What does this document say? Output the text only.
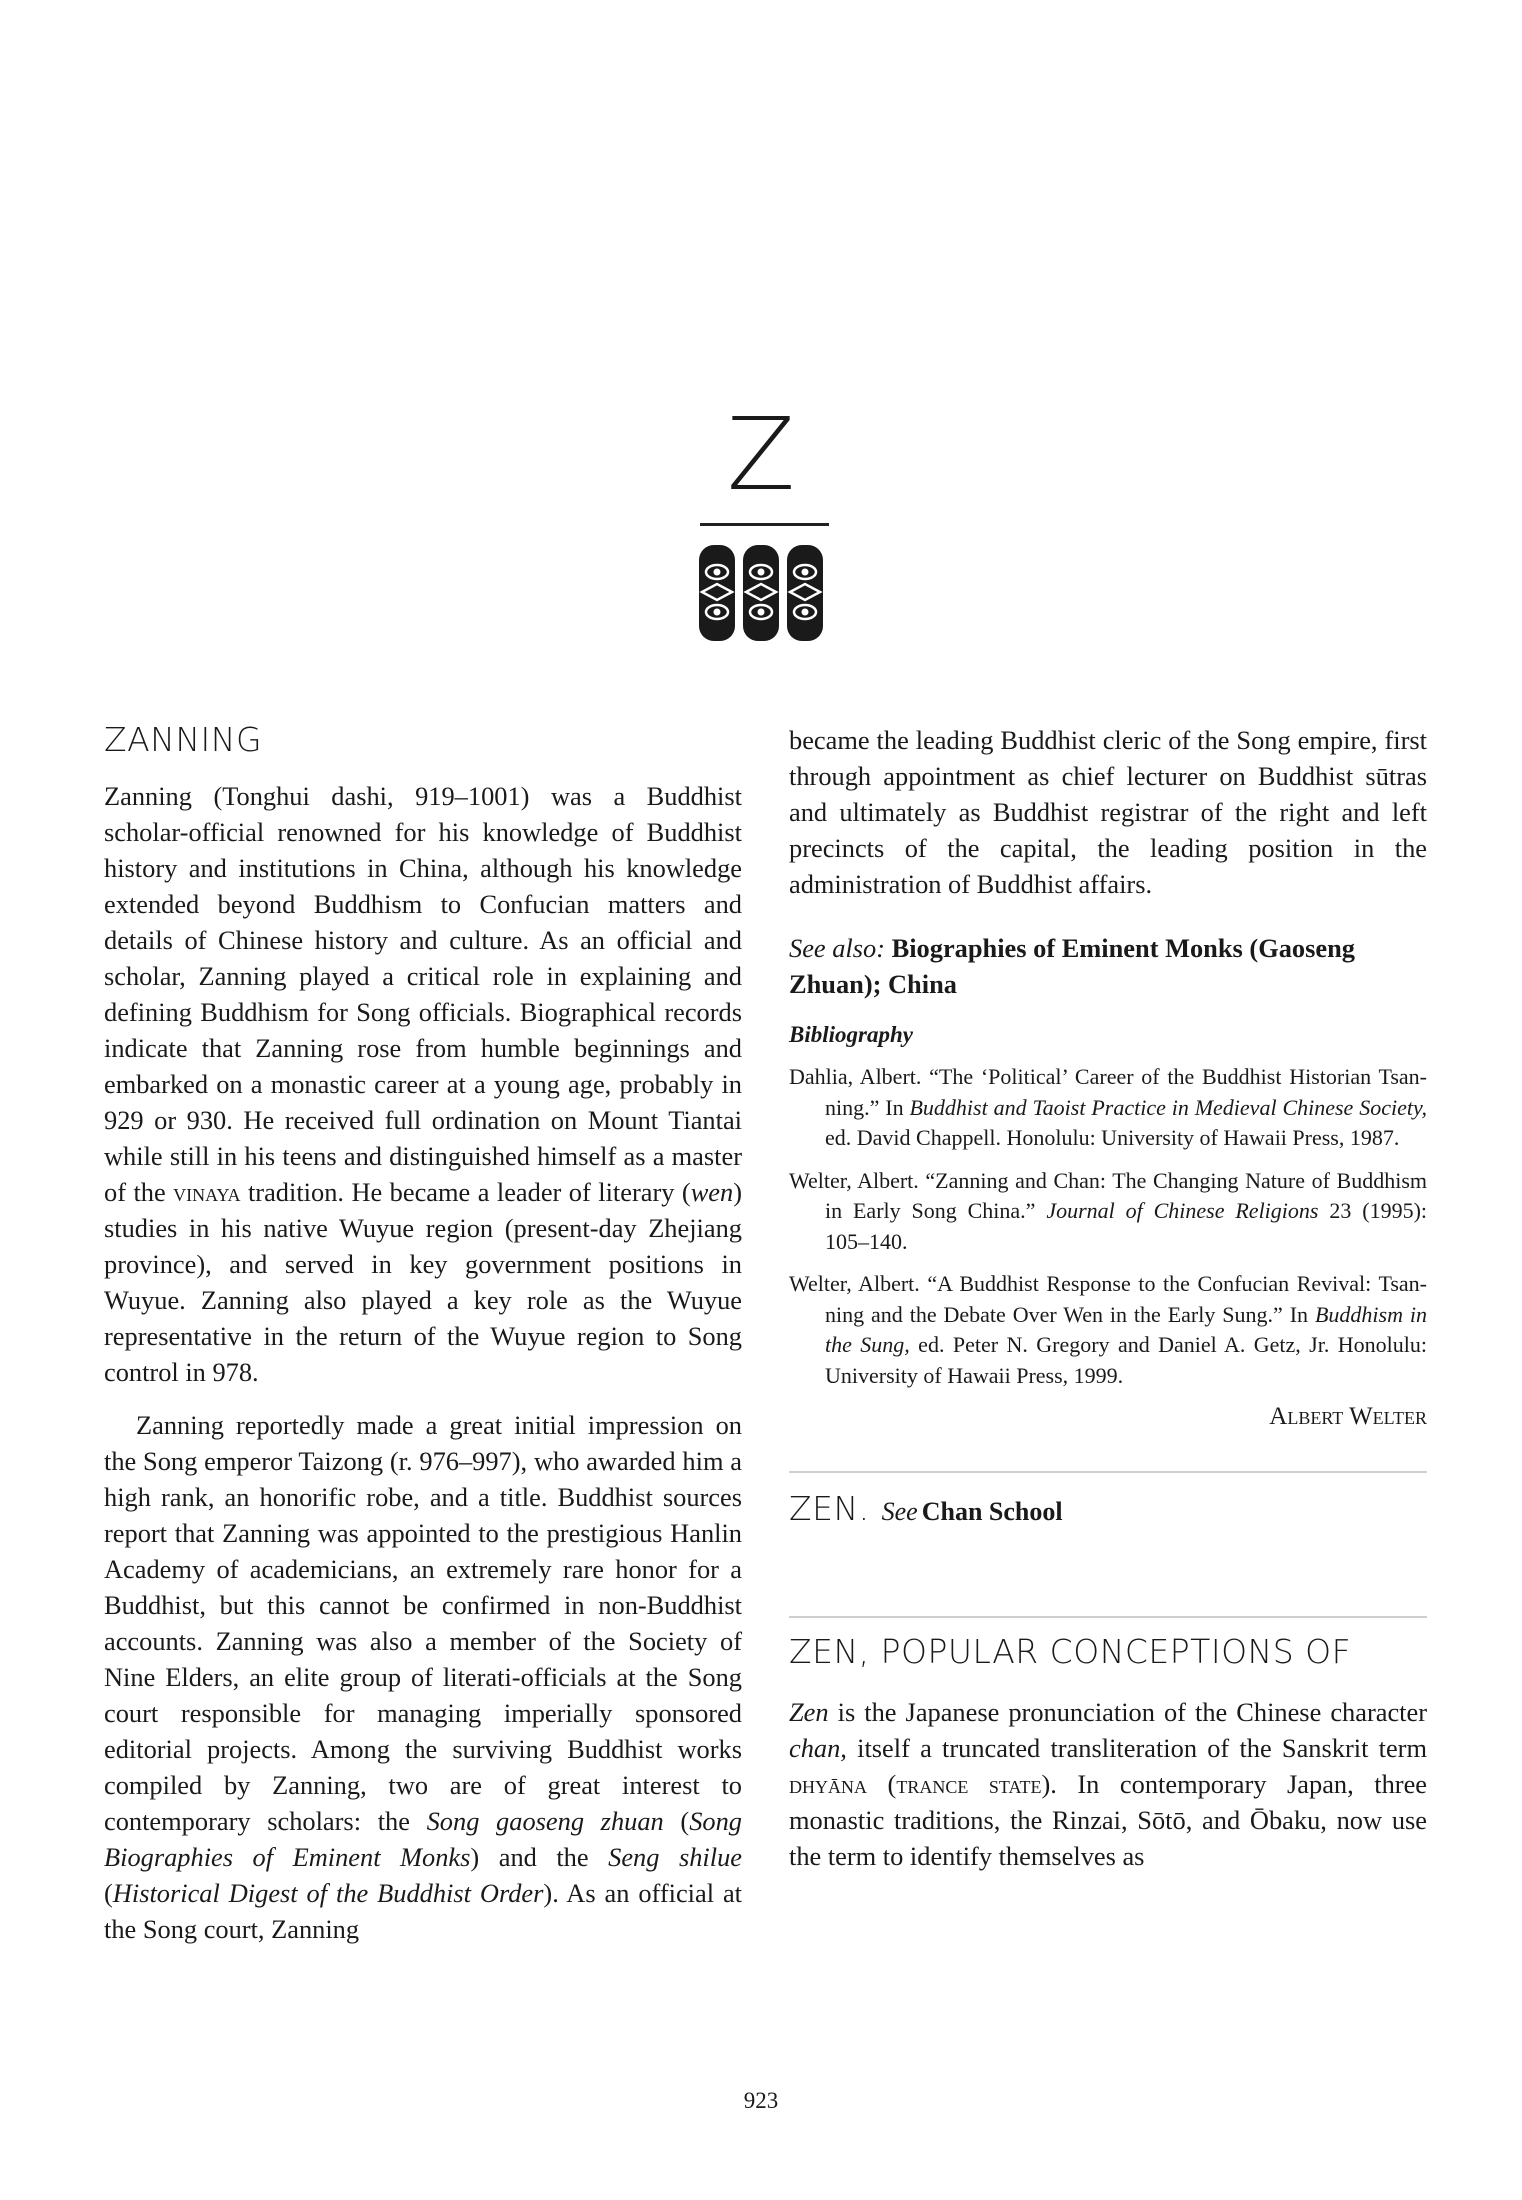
Z
ZANNING

Zanning (Tonghui dashi, 919–1001) was a Buddhist scholar-official renowned for his knowledge of Buddhist history and institutions in China, although his knowledge extended beyond Buddhism to Confucian matters and details of Chinese history and culture. As an official and scholar, Zanning played a critical role in explaining and defining Buddhism for Song officials. Biographical records indicate that Zanning rose from humble beginnings and embarked on a monastic career at a young age, probably in 929 or 930. He received full ordination on Mount Tiantai while still in his teens and distinguished himself as a master of the vinaya tradition. He became a leader of literary (wen) studies in his native Wuyue region (present-day Zhejiang province), and served in key government positions in Wuyue. Zanning also played a key role as the Wuyue representative in the return of the Wuyue region to Song control in 978.

Zanning reportedly made a great initial impression on the Song emperor Taizong (r. 976–997), who awarded him a high rank, an honorific robe, and a title. Buddhist sources report that Zanning was appointed to the prestigious Hanlin Academy of academicians, an extremely rare honor for a Buddhist, but this cannot be confirmed in non-Buddhist accounts. Zanning was also a member of the Society of Nine Elders, an elite group of literati-officials at the Song court responsible for managing imperially sponsored editorial projects. Among the surviving Buddhist works compiled by Zanning, two are of great interest to contemporary scholars: the Song gaoseng zhuan (Song Biographies of Eminent Monks) and the Seng shilue (Historical Digest of the Buddhist Order). As an official at the Song court, Zanning

became the leading Buddhist cleric of the Song empire, first through appointment as chief lecturer on Buddhist sūtras and ultimately as Buddhist registrar of the right and left precincts of the capital, the leading position in the administration of Buddhist affairs.

See also: Biographies of Eminent Monks (Gaoseng Zhuan); China

Bibliography

Dahlia, Albert. “The ‘Political’ Career of the Buddhist Historian Tsan-ning.” In Buddhist and Taoist Practice in Medieval Chinese Society, ed. David Chappell. Honolulu: University of Hawaii Press, 1987.

Welter, Albert. “Zanning and Chan: The Changing Nature of Buddhism in Early Song China.” Journal of Chinese Religions 23 (1995): 105–140.

Welter, Albert. “A Buddhist Response to the Confucian Revival: Tsan-ning and the Debate Over Wen in the Early Sung.” In Buddhism in the Sung, ed. Peter N. Gregory and Daniel A. Getz, Jr. Honolulu: University of Hawaii Press, 1999.

Albert Welter

ZEN. See Chan School

ZEN, POPULAR CONCEPTIONS OF

Zen is the Japanese pronunciation of the Chinese character chan, itself a truncated transliteration of the Sanskrit term dhyāna (trance state). In contemporary Japan, three monastic traditions, the Rinzai, Sōtō, and Ōbaku, now use the term to identify themselves as

923
